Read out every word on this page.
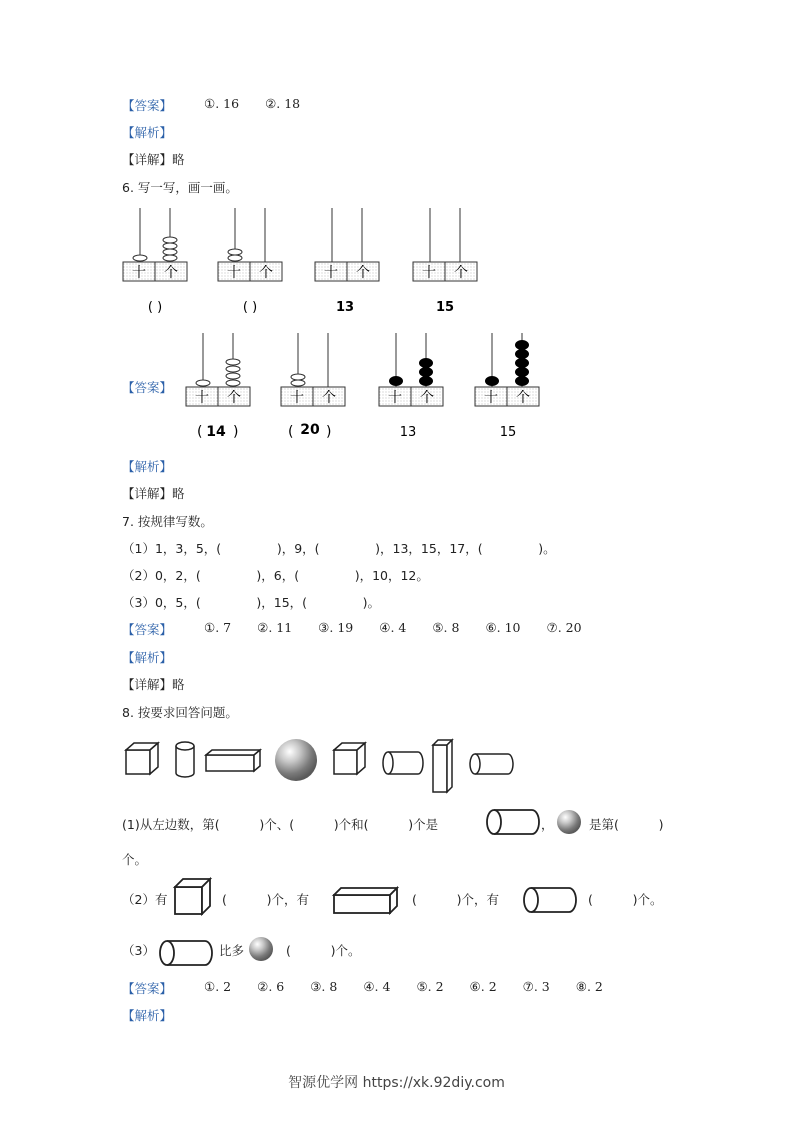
【答案】	①. 16 ②. 18
【解析】
【详解】略
6. 写一写，画一画。
十 个	十 个	十 个	十 个
( )	( )	13	15
【答案】
十 个	十 个	十 个	十 个
( 14 )	( 20 )	13	15
【解析】
【详解】略
7. 按规律写数。
（1）1，3，5，(              )，9，(              )，13，15，17，(              )。
（2）0，2，(              )，6，(              )，10，12。
（3）0，5，(              )，15，(              )。
【答案】	①. 7 ②. 11 ③. 19 ④. 4 ⑤. 8 ⑥. 10 ⑦. 20
【解析】
【详解】略
8. 按要求回答问题。
(1)从左边数，第(          )个、(          )个和(          )个是	，	是第(          )
个。
（2）有	(          )个，有	(          )个，有	(          )个。
（3）	比多	(          )个。
【答案】	①. 2 ②. 6 ③. 8 ④. 4 ⑤. 2 ⑥. 2 ⑦. 3 ⑧. 2
【解析】
智源优学网 https://xk.92diy.com
